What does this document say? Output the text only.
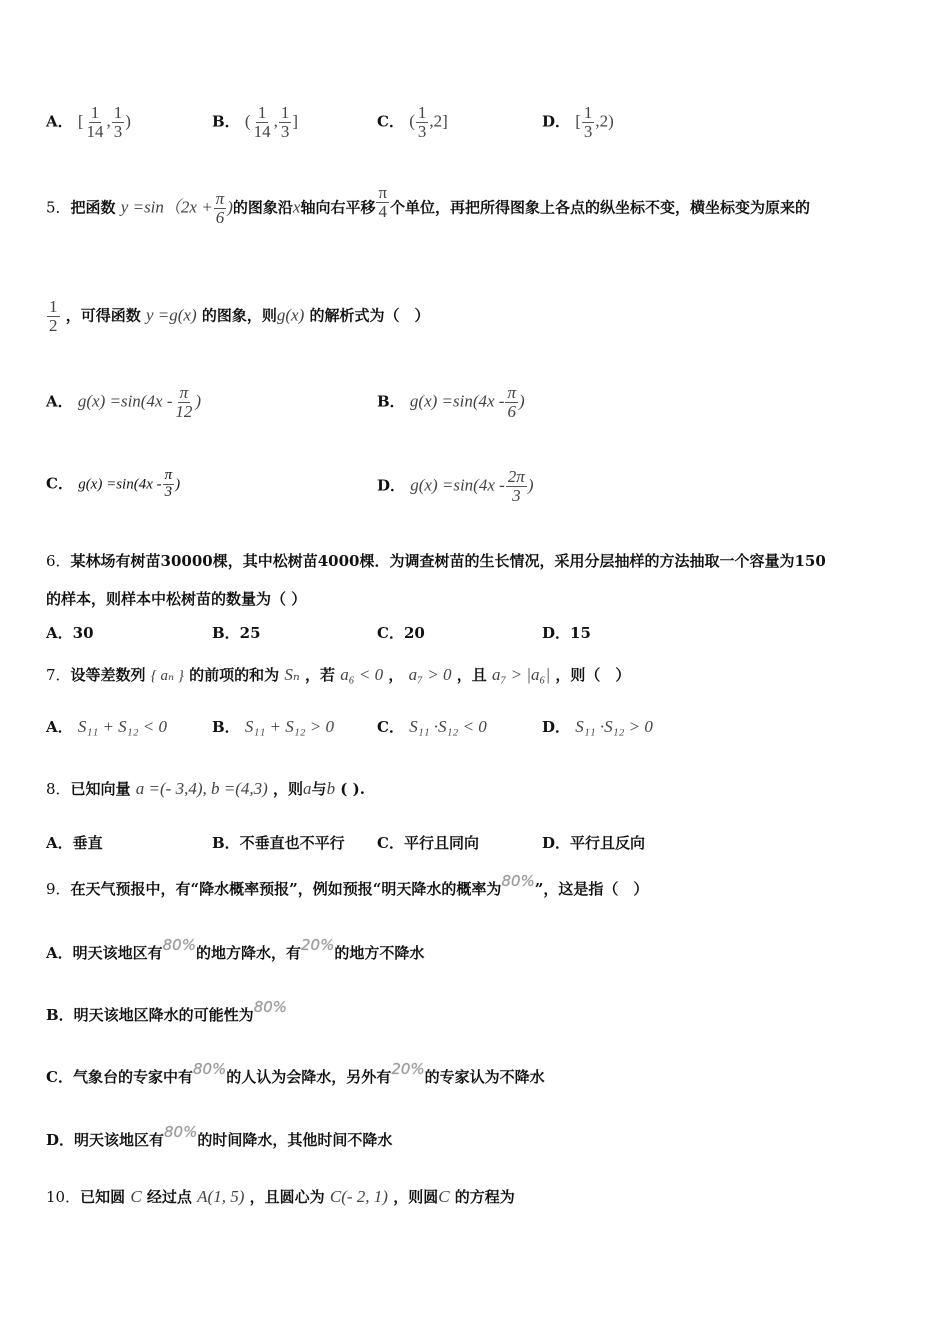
A． [ $\frac{1}{14}$ , $\frac{1}{3}$ )	B． ( $\frac{1}{14}$ , $\frac{1}{3}$ ]	C． ( $\frac{1}{3} ,2$]	D． [ $\frac{1}{3} ,2$)
5．把函数 $y =\sin(2x + \frac{\pi}{6}$ )的图象沿x轴向右平移 $\frac{\pi}{4}$ 个单位，再把所得图象上各点的纵坐标不变，横坐标变为原来的
$\frac{1}{2}$ ，可得函数 y =g(x) 的图象，则g(x) 的解析式为（　）
A． $g(x) =\sin(4x - \frac{\pi}{12}$ )	B． $g(x) =\sin(4x - \frac{\pi}{6}$ )
C． $g(x) =\sin(4x - \frac{\pi}{3}$ )	D． $g(x) =\sin(4x - \frac{2\pi}{3}$ )
6．某林场有树苗30000棵，其中松树苗4000棵．为调查树苗的生长情况，采用分层抽样的方法抽取一个容量为150
的样本，则样本中松树苗的数量为（ ）
A．30	B．25	C．20	D．15
7．设等差数列 { aₙ } 的前项的和为 Sₙ ，若 a₆ < 0 ， a₇ > 0 ，且 a₇ > |a₆| ，则（　）
A． S₁₁ + S₁₂ < 0	B． S₁₁ + S₁₂ > 0	C． S₁₁ ·S₁₂ < 0	D． S₁₁ ·S₁₂ > 0
8．已知向量 a =(- 3,4), b =(4,3) ，则a与b ( ).
A．垂直	B．不垂直也不平行 C．平行且同向	D．平行且反向
9．在天气预报中，有“降水概率预报”，例如预报“明天降水的概率为80%”，这是指（　）
A．明天该地区有80%的地方降水，有20%的地方不降水
B．明天该地区降水的可能性为80%
C．气象台的专家中有80%的人认为会降水，另外有20%的专家认为不降水
D．明天该地区有80%的时间降水，其他时间不降水
10．已知圆 C 经过点 A(1, 5) ，且圆心为 C(- 2, 1) ，则圆C 的方程为
